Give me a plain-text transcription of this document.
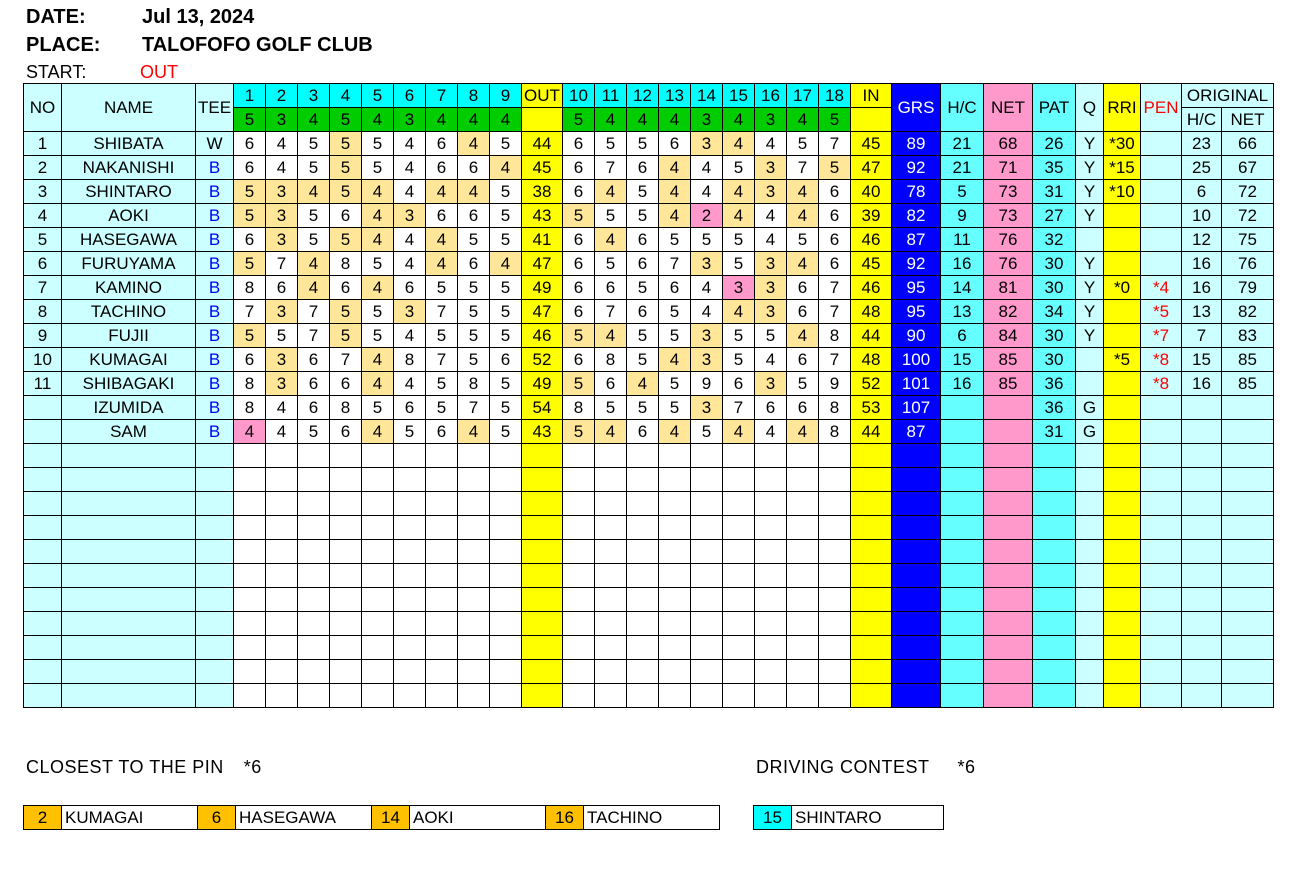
DATE:	Jul 13, 2024
PLACE: TALOFOFO GOLF CLUB
START:	OUT
NO	NAME	TEE	1	2	3	4	5	6	7	8	9	OUT	10	11	12	13	14	15	16	17	18	IN	GRS	H/C	NET	PAT	Q	RRI	PEN	ORIGINAL	
			5	3	4	5	4	3	4	4	4		5	4	4	4	3	4	3	4	5									H/C	NET
1	SHIBATA	W	6	4	5	5	5	4	6	4	5	44	6	5	5	6	3	4	4	5	7	45	89	21	68	26	Y	*30		23	66
2	NAKANISHI	B	6	4	5	5	5	4	6	6	4	45	6	7	6	4	4	5	3	7	5	47	92	21	71	35	Y	*15		25	67
3	SHINTARO	B	5	3	4	5	4	4	4	4	5	38	6	4	5	4	4	4	3	4	6	40	78	5	73	31	Y	*10		6	72
4	AOKI	B	5	3	5	6	4	3	6	6	5	43	5	5	5	4	2	4	4	4	6	39	82	9	73	27	Y			10	72
5	HASEGAWA	B	6	3	5	5	4	4	4	5	5	41	6	4	6	5	5	5	4	5	6	46	87	11	76	32				12	75
6	FURUYAMA	B	5	7	4	8	5	4	4	6	4	47	6	5	6	7	3	5	3	4	6	45	92	16	76	30	Y			16	76
7	KAMINO	B	8	6	4	6	4	6	5	5	5	49	6	6	5	6	4	3	3	6	7	46	95	14	81	30	Y	*0	*4	16	79
8	TACHINO	B	7	3	7	5	5	3	7	5	5	47	6	7	6	5	4	4	3	6	7	48	95	13	82	34	Y		*5	13	82
9	FUJII	B	5	5	7	5	5	4	5	5	5	46	5	4	5	5	3	5	5	4	8	44	90	6	84	30	Y		*7	7	83
10	KUMAGAI	B	6	3	6	7	4	8	7	5	6	52	6	8	5	4	3	5	4	6	7	48	100	15	85	30		*5	*8	15	85
11	SHIBAGAKI	B	8	3	6	6	4	4	5	8	5	49	5	6	4	5	9	6	3	5	9	52	101	16	85	36			*8	16	85
	IZUMIDA	B	8	4	6	8	5	6	5	7	5	54	8	5	5	5	3	7	6	6	8	53	107			36	G				
	SAM	B	4	4	5	6	4	5	6	4	5	43	5	4	6	4	5	4	4	4	8	44	87			31	G				

CLOSEST TO THE PIN *6	DRIVING CONTEST *6
2	KUMAGAI	6	HASEGAWA	14 AOKI	16 TACHINO	15 SHINTARO
